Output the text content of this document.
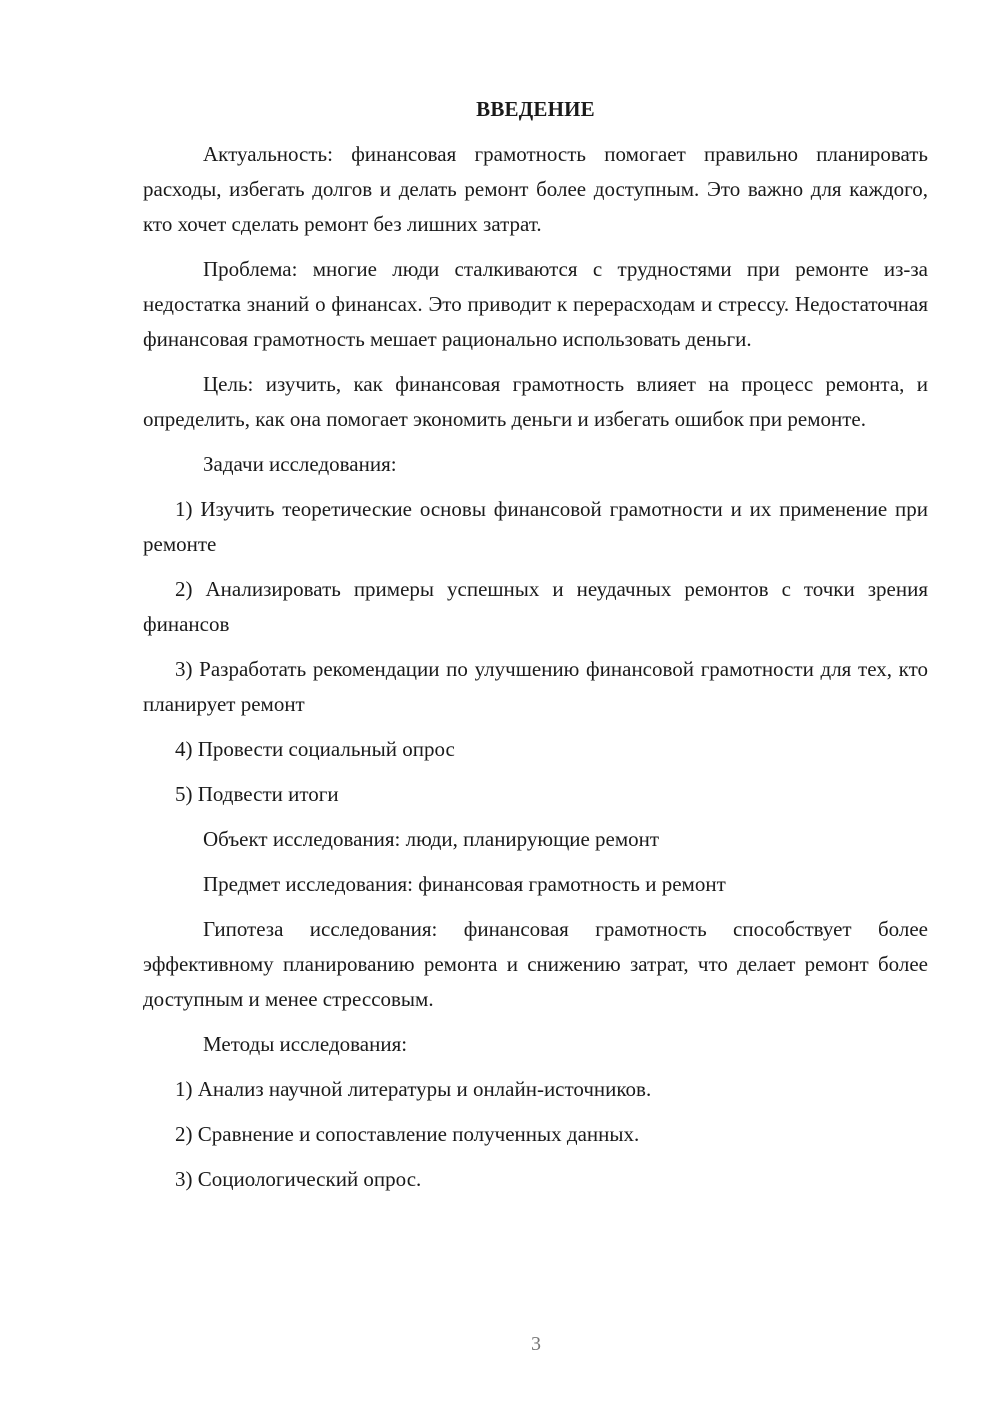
ВВЕДЕНИЕ
Актуальность: финансовая грамотность помогает правильно планировать расходы, избегать долгов и делать ремонт более доступным. Это важно для каждого, кто хочет сделать ремонт без лишних затрат.
Проблема: многие люди сталкиваются с трудностями при ремонте из-за недостатка знаний о финансах. Это приводит к перерасходам и стрессу. Недостаточная финансовая грамотность мешает рационально использовать деньги.
Цель: изучить, как финансовая грамотность влияет на процесс ремонта, и определить, как она помогает экономить деньги и избегать ошибок при ремонте.
Задачи исследования:
1) Изучить теоретические основы финансовой грамотности и их применение при ремонте
2) Анализировать примеры успешных и неудачных ремонтов с точки зрения финансов
3) Разработать рекомендации по улучшению финансовой грамотности для тех, кто планирует ремонт
4) Провести социальный опрос
5) Подвести итоги
Объект исследования: люди, планирующие ремонт
Предмет исследования: финансовая грамотность и ремонт
Гипотеза исследования: финансовая грамотность способствует более эффективному планированию ремонта и снижению затрат, что делает ремонт более доступным и менее стрессовым.
Методы исследования:
1) Анализ научной литературы и онлайн-источников.
2) Сравнение и сопоставление полученных данных.
3) Социологический опрос.
3
